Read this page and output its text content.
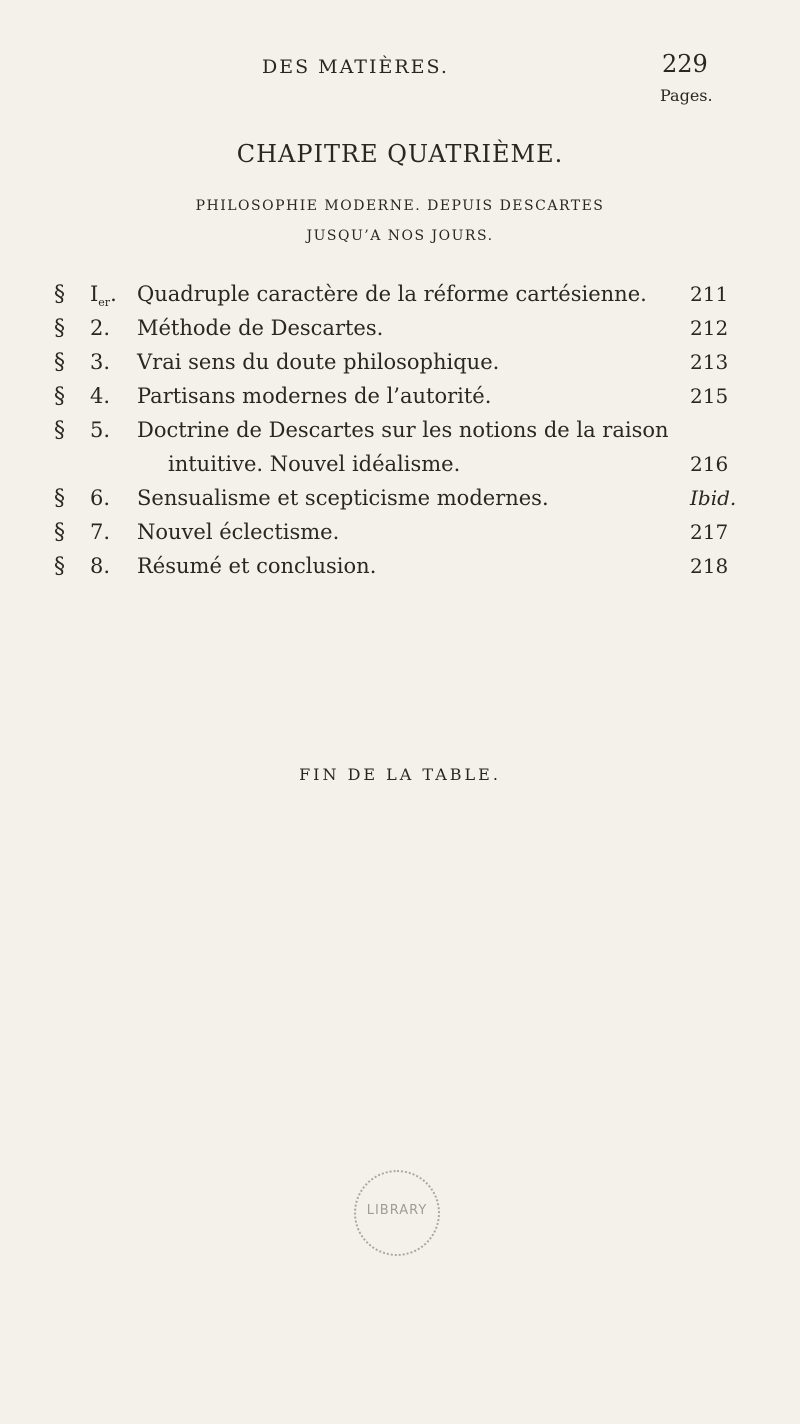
DES MATIÈRES.	229
Pages.
CHAPITRE QUATRIÈME.
PHILOSOPHIE MODERNE. DEPUIS DESCARTES
JUSQU’A NOS JOURS.
§ $I_{er}$. Quadruple caractère de la réforme cartésienne. 211
§ 2. Méthode de Descartes.	212
§ 3. Vrai sens du doute philosophique.	213
§ 4. Partisans modernes de l’autorité.	215
§ 5. Doctrine de Descartes sur les notions de la raison
intuitive. Nouvel idéalisme.	216
§ 6. Sensualisme et scepticisme modernes.	Ibid.
§ 7. Nouvel éclectisme.	217
§ 8. Résumé et conclusion.	218
FIN DE LA TABLE.
LIBRARY
